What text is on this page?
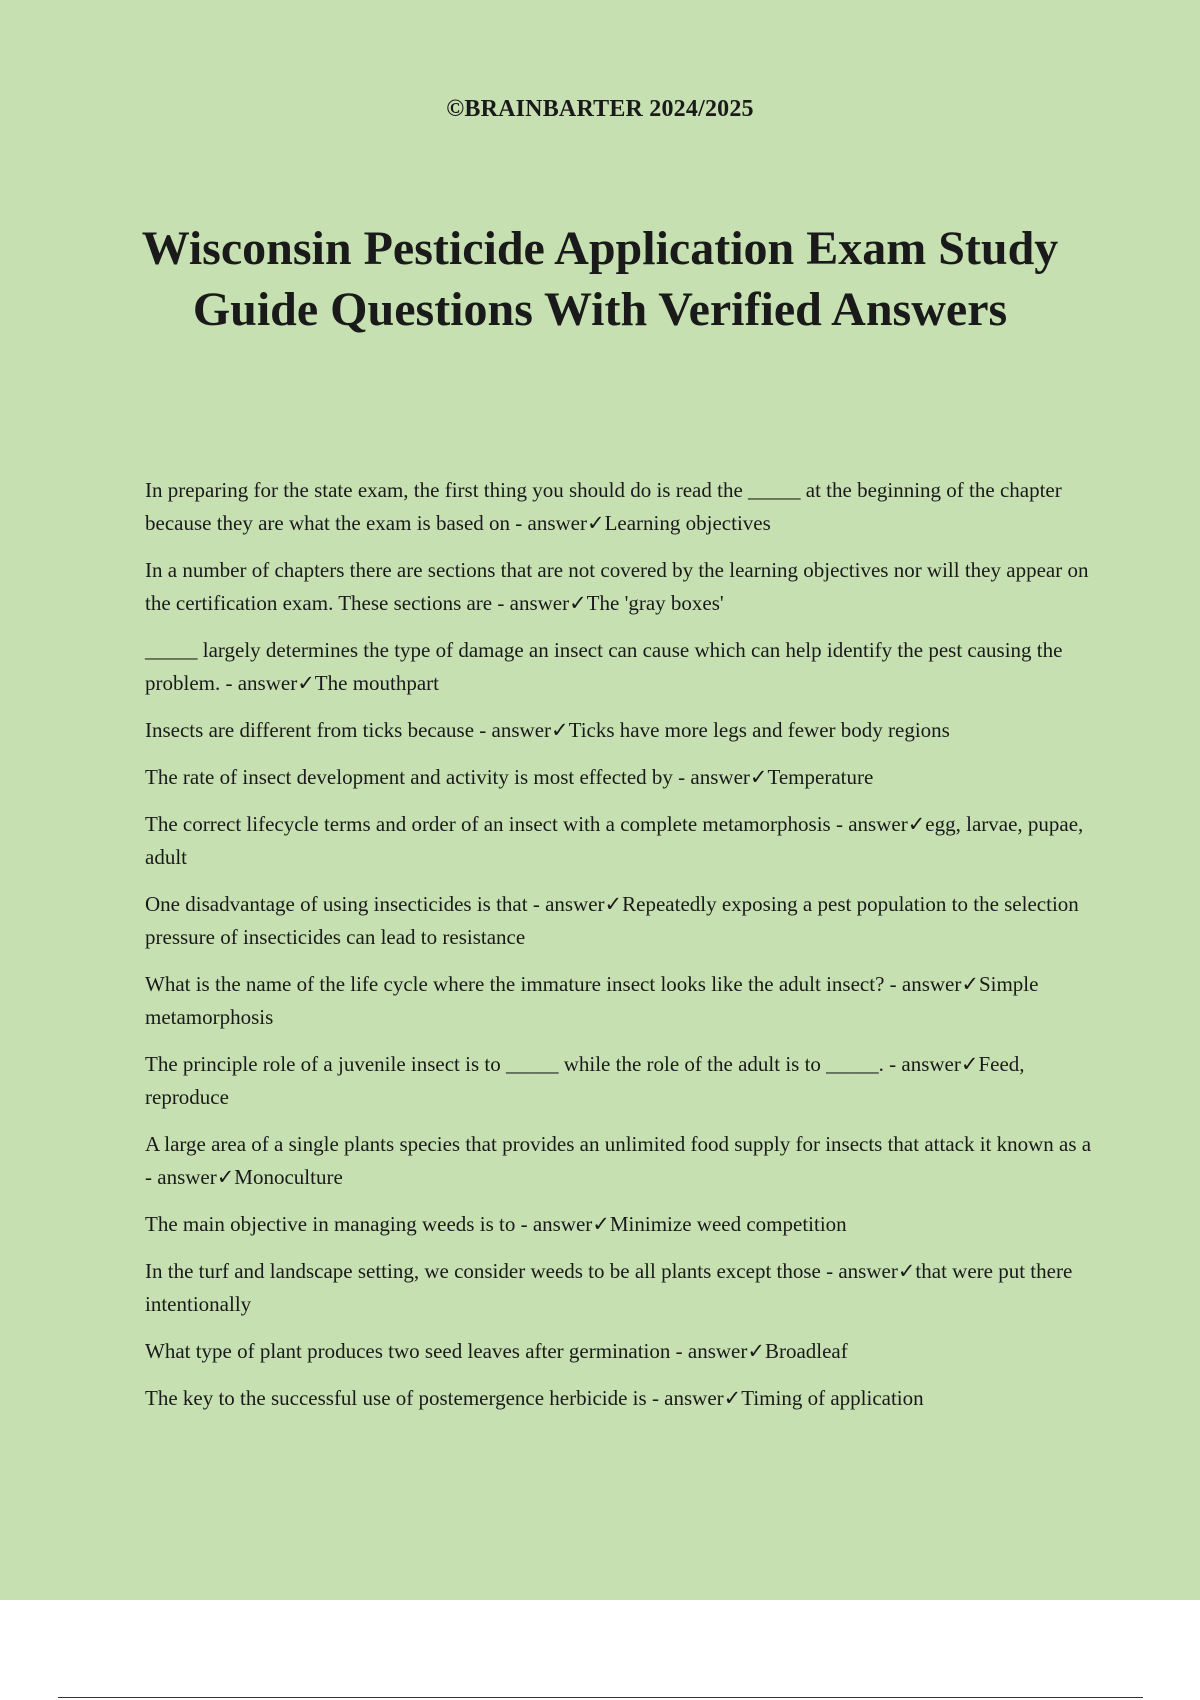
©BRAINBARTER 2024/2025
Wisconsin Pesticide Application Exam Study
Guide Questions With Verified Answers

In preparing for the state exam, the first thing you should do is read the _____ at the beginning of the chapter because they are what the exam is based on - answer✓Learning objectives

In a number of chapters there are sections that are not covered by the learning objectives nor will they appear on the certification exam. These sections are - answer✓The 'gray boxes'

_____ largely determines the type of damage an insect can cause which can help identify the pest causing the problem. - answer✓The mouthpart

Insects are different from ticks because - answer✓Ticks have more legs and fewer body regions

The rate of insect development and activity is most effected by - answer✓Temperature

The correct lifecycle terms and order of an insect with a complete metamorphosis - answer✓egg, larvae, pupae, adult

One disadvantage of using insecticides is that - answer✓Repeatedly exposing a pest population to the selection pressure of insecticides can lead to resistance

What is the name of the life cycle where the immature insect looks like the adult insect? - answer✓Simple metamorphosis

The principle role of a juvenile insect is to _____ while the role of the adult is to _____. - answer✓Feed, reproduce

A large area of a single plants species that provides an unlimited food supply for insects that attack it known as a - answer✓Monoculture

The main objective in managing weeds is to - answer✓Minimize weed competition

In the turf and landscape setting, we consider weeds to be all plants except those - answer✓that were put there intentionally

What type of plant produces two seed leaves after germination - answer✓Broadleaf

The key to the successful use of postemergence herbicide is - answer✓Timing of application
